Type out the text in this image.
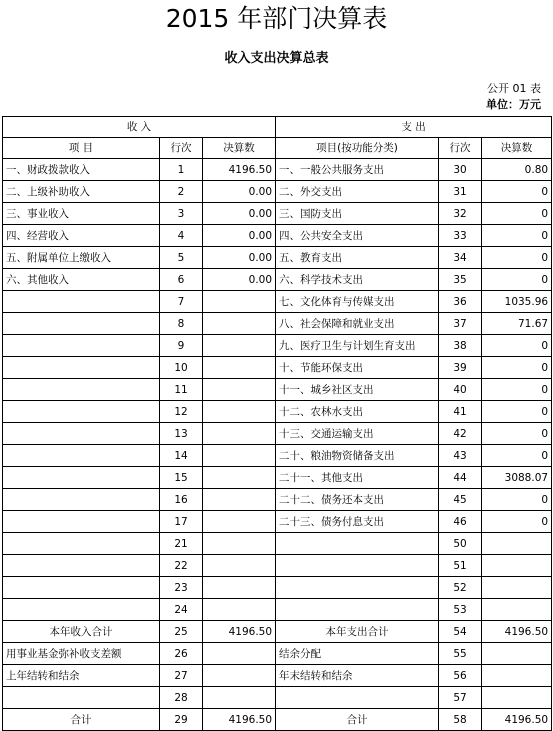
2015 年部门决算表
收入支出决算总表
公开 01 表
单位：万元
收 入			支 出		
项 目	行次	决算数	项目(按功能分类)	行次	决算数
一、财政拨款收入	1	4196.50	一、一般公共服务支出	30	0.80
二、上级补助收入	2	0.00	二、外交支出	31	0
三、事业收入	3	0.00	三、国防支出	32	0
四、经营收入	4	0.00	四、公共安全支出	33	0
五、附属单位上缴收入	5	0.00	五、教育支出	34	0
六、其他收入	6	0.00	六、科学技术支出	35	0
	7		七、文化体育与传媒支出	36	1035.96
	8		八、社会保障和就业支出	37	71.67
	9		九、医疗卫生与计划生育支出	38	0
	10		十、节能环保支出	39	0
	11		十一、城乡社区支出	40	0
	12		十二、农林水支出	41	0
	13		十三、交通运输支出	42	0
	14		二十、粮油物资储备支出	43	0
	15		二十一、其他支出	44	3088.07
	16		二十二、债务还本支出	45	0
	17		二十三、债务付息支出	46	0
	21			50	
	22			51	
	23			52	
	24			53	
本年收入合计	25	4196.50	本年支出合计	54	4196.50
用事业基金弥补收支差额	26		结余分配	55	
上年结转和结余	27		年末结转和结余	56	
	28			57	
合计	29	4196.50	合计	58	4196.50
